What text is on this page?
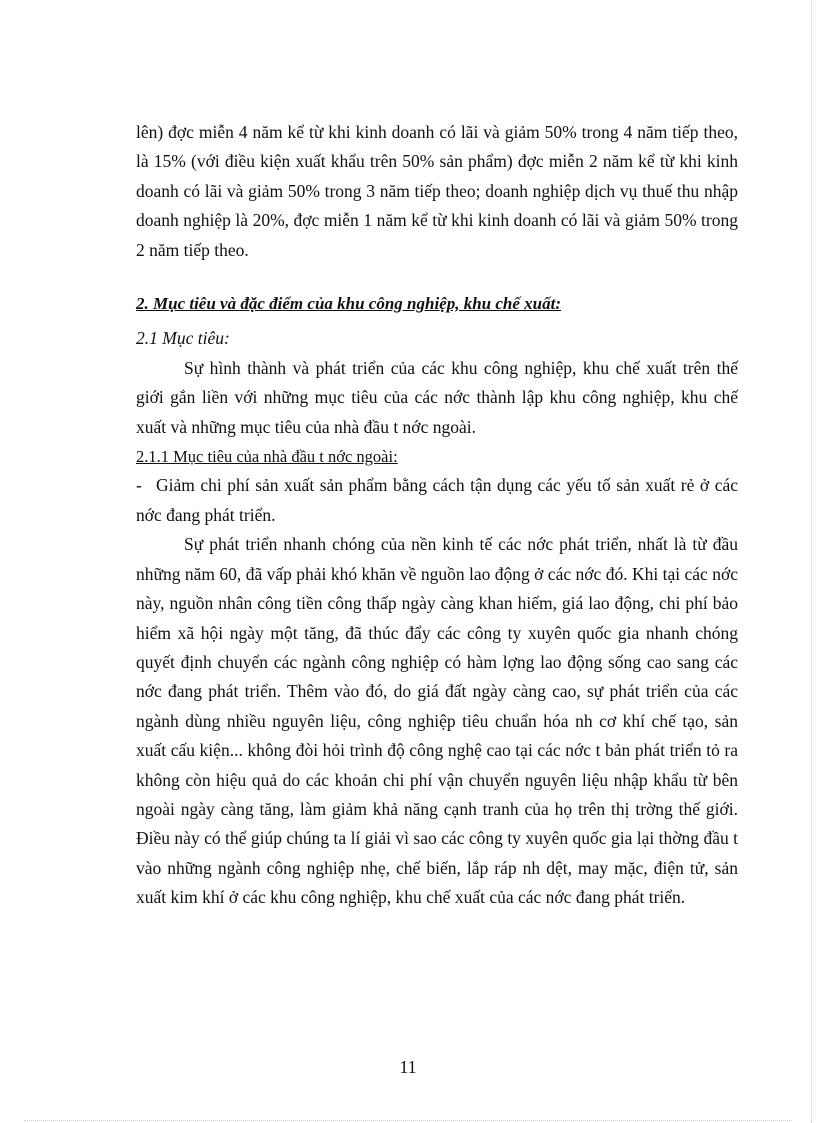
lên) đợc miễn 4 năm kể từ khi kinh doanh có lãi và giảm 50% trong 4 năm tiếp theo, là 15% (với điều kiện xuất khẩu trên 50% sản phẩm) đợc miễn 2 năm kể từ khi kinh doanh có lãi và giảm 50% trong 3 năm tiếp theo; doanh nghiệp dịch vụ thuế thu nhập doanh nghiệp là 20%, đợc miễn 1 năm kể từ khi kinh doanh có lãi và giảm 50% trong 2 năm tiếp theo.

2. Mục tiêu và đặc điểm của khu công nghiệp, khu chế xuất:

2.1 Mục tiêu:

Sự hình thành và phát triển của các khu công nghiệp, khu chế xuất trên thế giới gắn liền với những mục tiêu của các nớc thành lập khu công nghiệp, khu chế xuất và những mục tiêu của nhà đầu t nớc ngoài.

2.1.1 Mục tiêu của nhà đầu t nớc ngoài:

- Giảm chi phí sản xuất sản phẩm bằng cách tận dụng các yếu tố sản xuất rẻ ở các nớc đang phát triển.

Sự phát triển nhanh chóng của nền kinh tế các nớc phát triển, nhất là từ đầu những năm 60, đã vấp phải khó khăn về nguồn lao động ở các nớc đó. Khi tại các nớc này, nguồn nhân công tiền công thấp ngày càng khan hiếm, giá lao động, chi phí bảo hiểm xã hội ngày một tăng, đã thúc đẩy các công ty xuyên quốc gia nhanh chóng quyết định chuyển các ngành công nghiệp có hàm lợng lao động sống cao sang các nớc đang phát triển. Thêm vào đó, do giá đất ngày càng cao, sự phát triển của các ngành dùng nhiều nguyên liệu, công nghiệp tiêu chuẩn hóa nh cơ khí chế tạo, sản xuất cấu kiện... không đòi hỏi trình độ công nghệ cao tại các nớc t bản phát triển tỏ ra không còn hiệu quả do các khoản chi phí vận chuyển nguyên liệu nhập khẩu từ bên ngoài ngày càng tăng, làm giảm khả năng cạnh tranh của họ trên thị trờng thế giới. Điều này có thể giúp chúng ta lí giải vì sao các công ty xuyên quốc gia lại thờng đầu t vào những ngành công nghiệp nhẹ, chế biến, lắp ráp nh dệt, may mặc, điện tử, sản xuất kim khí ở các khu công nghiệp, khu chế xuất của các nớc đang phát triển.

11
